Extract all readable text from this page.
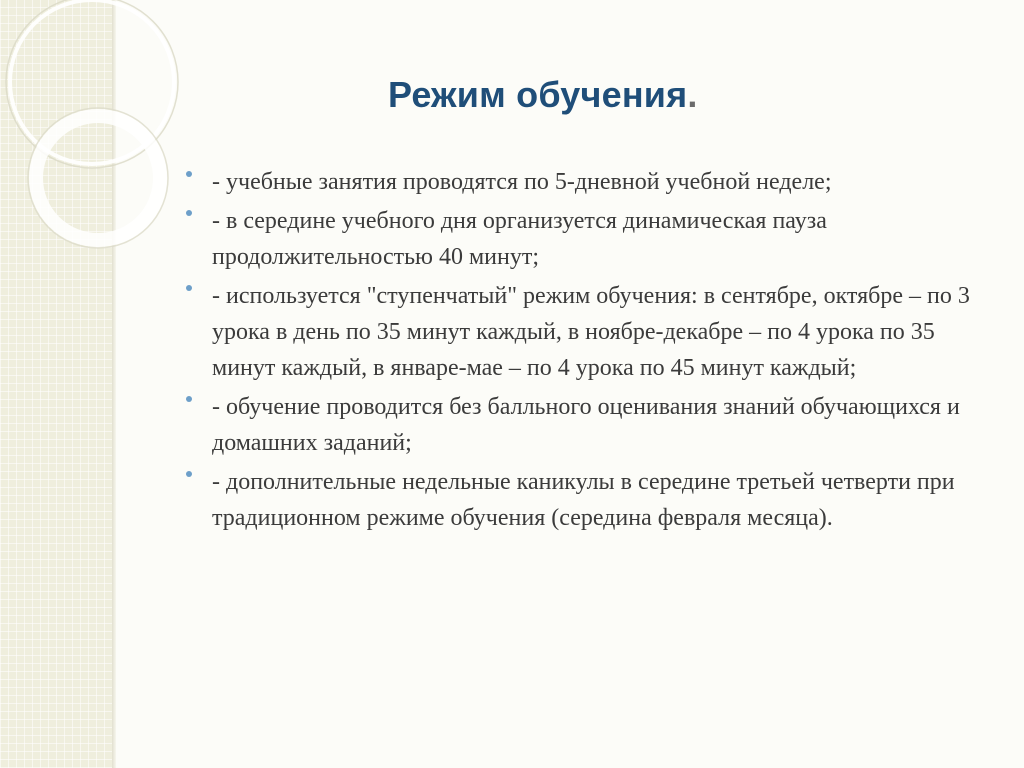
Режим обучения.
- учебные занятия проводятся по 5-дневной учебной неделе;
- в середине учебного дня организуется динамическая пауза продолжительностью 40 минут;
- используется "ступенчатый" режим обучения: в сентябре, октябре – по 3 урока в день по 35 минут каждый, в ноябре-декабре – по 4 урока по 35 минут каждый, в январе-мае – по 4 урока по 45 минут каждый;
- обучение проводится без балльного оценивания знаний обучающихся и домашних заданий;
- дополнительные недельные каникулы в середине третьей четверти при традиционном режиме обучения (середина февраля месяца).
